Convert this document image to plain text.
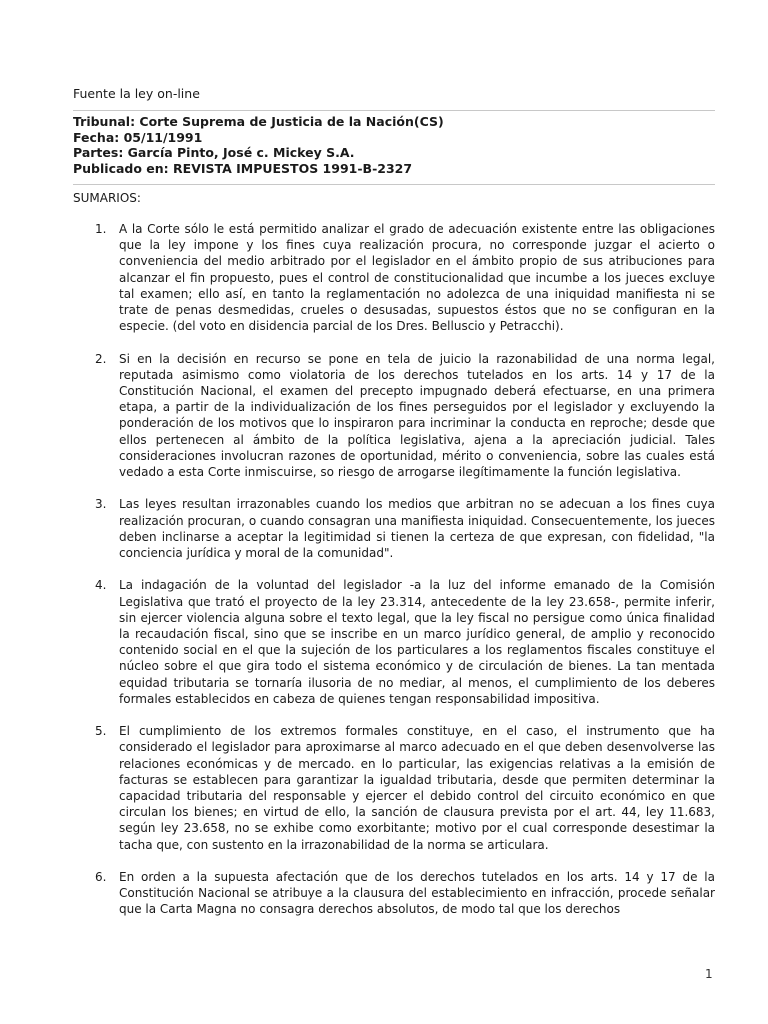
Fuente la ley on-line
Tribunal: Corte Suprema de Justicia de la Nación(CS)
Fecha: 05/11/1991
Partes: García Pinto, José c. Mickey S.A.
Publicado en: REVISTA IMPUESTOS 1991-B-2327
SUMARIOS:
1. A la Corte sólo le está permitido analizar el grado de adecuación existente entre las obligaciones que la ley impone y los fines cuya realización procura, no corresponde juzgar el acierto o conveniencia del medio arbitrado por el legislador en el ámbito propio de sus atribuciones para alcanzar el fin propuesto, pues el control de constitucionalidad que incumbe a los jueces excluye tal examen; ello así, en tanto la reglamentación no adolezca de una iniquidad manifiesta ni se trate de penas desmedidas, crueles o desusadas, supuestos éstos que no se configuran en la especie. (del voto en disidencia parcial de los Dres. Belluscio y Petracchi).
2. Si en la decisión en recurso se pone en tela de juicio la razonabilidad de una norma legal, reputada asimismo como violatoria de los derechos tutelados en los arts. 14 y 17 de la Constitución Nacional, el examen del precepto impugnado deberá efectuarse, en una primera etapa, a partir de la individualización de los fines perseguidos por el legislador y excluyendo la ponderación de los motivos que lo inspiraron para incriminar la conducta en reproche; desde que ellos pertenecen al ámbito de la política legislativa, ajena a la apreciación judicial. Tales consideraciones involucran razones de oportunidad, mérito o conveniencia, sobre las cuales está vedado a esta Corte inmiscuirse, so riesgo de arrogarse ilegítimamente la función legislativa.
3. Las leyes resultan irrazonables cuando los medios que arbitran no se adecuan a los fines cuya realización procuran, o cuando consagran una manifiesta iniquidad. Consecuentemente, los jueces deben inclinarse a aceptar la legitimidad si tienen la certeza de que expresan, con fidelidad, "la conciencia jurídica y moral de la comunidad".
4. La indagación de la voluntad del legislador -a la luz del informe emanado de la Comisión Legislativa que trató el proyecto de la ley 23.314, antecedente de la ley 23.658-, permite inferir, sin ejercer violencia alguna sobre el texto legal, que la ley fiscal no persigue como única finalidad la recaudación fiscal, sino que se inscribe en un marco jurídico general, de amplio y reconocido contenido social en el que la sujeción de los particulares a los reglamentos fiscales constituye el núcleo sobre el que gira todo el sistema económico y de circulación de bienes. La tan mentada equidad tributaria se tornaría ilusoria de no mediar, al menos, el cumplimiento de los deberes formales establecidos en cabeza de quienes tengan responsabilidad impositiva.
5. El cumplimiento de los extremos formales constituye, en el caso, el instrumento que ha considerado el legislador para aproximarse al marco adecuado en el que deben desenvolverse las relaciones económicas y de mercado. en lo particular, las exigencias relativas a la emisión de facturas se establecen para garantizar la igualdad tributaria, desde que permiten determinar la capacidad tributaria del responsable y ejercer el debido control del circuito económico en que circulan los bienes; en virtud de ello, la sanción de clausura prevista por el art. 44, ley 11.683, según ley 23.658, no se exhibe como exorbitante; motivo por el cual corresponde desestimar la tacha que, con sustento en la irrazonabilidad de la norma se articulara.
6. En orden a la supuesta afectación que de los derechos tutelados en los arts. 14 y 17 de la Constitución Nacional se atribuye a la clausura del establecimiento en infracción, procede señalar que la Carta Magna no consagra derechos absolutos, de modo tal que los derechos
1
